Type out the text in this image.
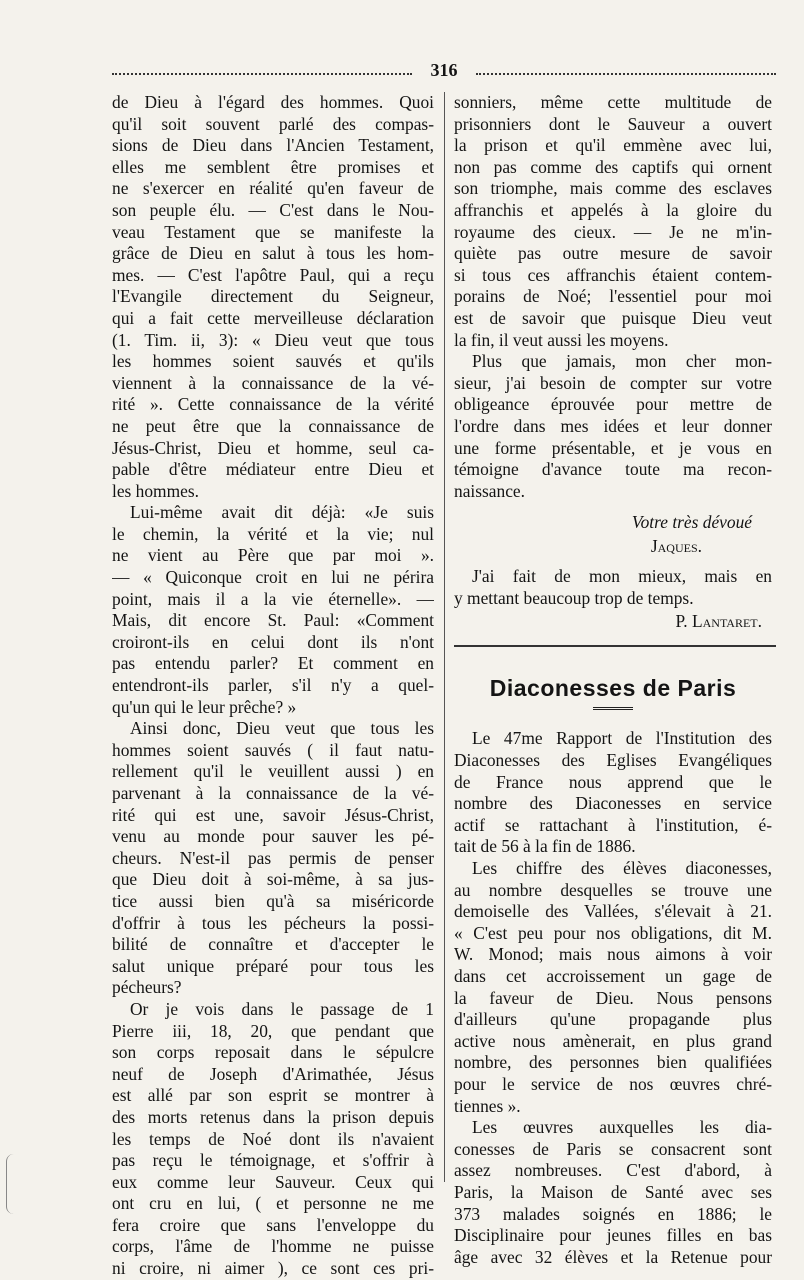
316
de Dieu à l'égard des hommes. Quoi
qu'il soit souvent parlé des compas-
sions de Dieu dans l'Ancien Testament,
elles me semblent être promises et
ne s'exercer en réalité qu'en faveur de
son peuple élu. — C'est dans le Nou-
veau Testament que se manifeste la
grâce de Dieu en salut à tous les hom-
mes. — C'est l'apôtre Paul, qui a reçu
l'Evangile directement du Seigneur,
qui a fait cette merveilleuse déclaration
(1. Tim. ii, 3): « Dieu veut que tous
les hommes soient sauvés et qu'ils
viennent à la connaissance de la vé-
rité ». Cette connaissance de la vérité
ne peut être que la connaissance de
Jésus-Christ, Dieu et homme, seul ca-
pable d'être médiateur entre Dieu et
les hommes.
Lui-même avait dit déjà: «Je suis
le chemin, la vérité et la vie; nul
ne vient au Père que par moi ».
— « Quiconque croit en lui ne périra
point, mais il a la vie éternelle». —
Mais, dit encore St. Paul: «Comment
croiront-ils en celui dont ils n'ont
pas entendu parler? Et comment en
entendront-ils parler, s'il n'y a quel-
qu'un qui le leur prêche? »
Ainsi donc, Dieu veut que tous les
hommes soient sauvés ( il faut natu-
rellement qu'il le veuillent aussi ) en
parvenant à la connaissance de la vé-
rité qui est une, savoir Jésus-Christ,
venu au monde pour sauver les pé-
cheurs. N'est-il pas permis de penser
que Dieu doit à soi-même, à sa jus-
tice aussi bien qu'à sa miséricorde
d'offrir à tous les pécheurs la possi-
bilité de connaître et d'accepter le
salut unique préparé pour tous les
pécheurs?
Or je vois dans le passage de 1
Pierre iii, 18, 20, que pendant que
son corps reposait dans le sépulcre
neuf de Joseph d'Arimathée, Jésus
est allé par son esprit se montrer à
des morts retenus dans la prison depuis
les temps de Noé dont ils n'avaient
pas reçu le témoignage, et s'offrir à
eux comme leur Sauveur. Ceux qui
ont cru en lui, ( et personne ne me
fera croire que sans l'enveloppe du
corps, l'âme de l'homme ne puisse
ni croire, ni aimer ), ce sont ces pri-
sonniers, même cette multitude de
prisonniers dont le Sauveur a ouvert
la prison et qu'il emmène avec lui,
non pas comme des captifs qui ornent
son triomphe, mais comme des esclaves
affranchis et appelés à la gloire du
royaume des cieux. — Je ne m'in-
quiète pas outre mesure de savoir
si tous ces affranchis étaient contem-
porains de Noé; l'essentiel pour moi
est de savoir que puisque Dieu veut
la fin, il veut aussi les moyens.
Plus que jamais, mon cher mon-
sieur, j'ai besoin de compter sur votre
obligeance éprouvée pour mettre de
l'ordre dans mes idées et leur donner
une forme présentable, et je vous en
témoigne d'avance toute ma recon-
naissance.
Votre très dévoué
Jaques.
J'ai fait de mon mieux, mais en
y mettant beaucoup trop de temps.
P. Lantaret.
Diaconesses de Paris
Le 47me Rapport de l'Institution des
Diaconesses des Eglises Evangéliques
de France nous apprend que le
nombre des Diaconesses en service
actif se rattachant à l'institution, é-
tait de 56 à la fin de 1886.
Les chiffre des élèves diaconesses,
au nombre desquelles se trouve une
demoiselle des Vallées, s'élevait à 21.
« C'est peu pour nos obligations, dit M.
W. Monod; mais nous aimons à voir
dans cet accroissement un gage de
la faveur de Dieu. Nous pensons
d'ailleurs qu'une propagande plus
active nous amènerait, en plus grand
nombre, des personnes bien qualifiées
pour le service de nos œuvres chré-
tiennes ».
Les œuvres auxquelles les dia-
conesses de Paris se consacrent sont
assez nombreuses. C'est d'abord, à
Paris, la Maison de Santé avec ses
373 malades soignés en 1886; le
Disciplinaire pour jeunes filles en bas
âge avec 32 élèves et la Retenue pour
